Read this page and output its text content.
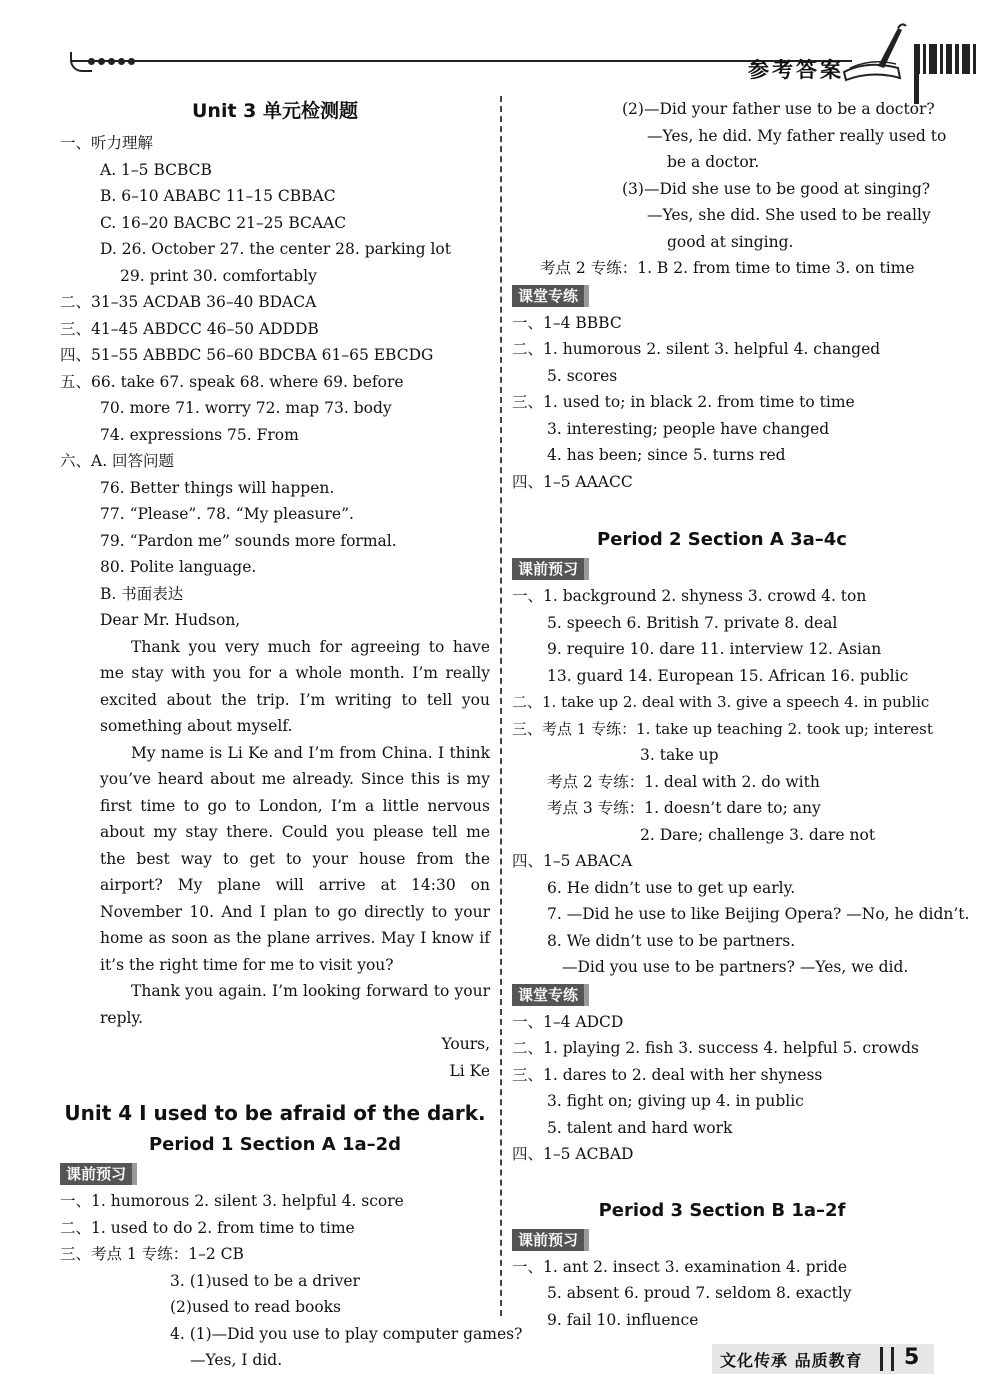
参考答案
Unit 3 单元检测题
一、听力理解
A. 1–5 BCBCB
B. 6–10 ABABC 11–15 CBBAC
C. 16–20 BACBC 21–25 BCAAC
D. 26. October 27. the center 28. parking lot
29. print 30. comfortably
二、31–35 ACDAB 36–40 BDACA
三、41–45 ABDCC 46–50 ADDDB
四、51–55 ABBDC 56–60 BDCBA 61–65 EBCDG
五、66. take 67. speak 68. where 69. before
70. more 71. worry 72. map 73. body
74. expressions 75. From
六、A. 回答问题
76. Better things will happen.
77. “Please”. 78. “My pleasure”.
79. “Pardon me” sounds more formal.
80. Polite language.
B. 书面表达
Dear Mr. Hudson,
Thank you very much for agreeing to have me stay with you for a whole month. I’m really excited about the trip. I’m writing to tell you something about myself.
My name is Li Ke and I’m from China. I think you’ve heard about me already. Since this is my first time to go to London, I’m a little nervous about my stay there. Could you please tell me the best way to get to your house from the airport? My plane will arrive at 14:30 on November 10. And I plan to go directly to your home as soon as the plane arrives. May I know if it’s the right time for me to visit you?
Thank you again. I’m looking forward to your reply.
Yours,
Li Ke
Unit 4 I used to be afraid of the dark.
Period 1 Section A 1a–2d
课前预习
一、1. humorous 2. silent 3. helpful 4. score
二、1. used to do 2. from time to time
三、考点 1 专练：1–2 CB
3. (1)used to be a driver
(2)used to read books
4. (1)—Did you use to play computer games?
—Yes, I did.
(2)—Did your father use to be a doctor?
—Yes, he did. My father really used to
be a doctor.
(3)—Did she use to be good at singing?
—Yes, she did. She used to be really
good at singing.
考点 2 专练：1. B 2. from time to time 3. on time
课堂专练
一、1–4 BBBC
二、1. humorous 2. silent 3. helpful 4. changed
5. scores
三、1. used to; in black 2. from time to time
3. interesting; people have changed
4. has been; since 5. turns red
四、1–5 AAACC
Period 2 Section A 3a–4c
课前预习
一、1. background 2. shyness 3. crowd 4. ton
5. speech 6. British 7. private 8. deal
9. require 10. dare 11. interview 12. Asian
13. guard 14. European 15. African 16. public
二、1. take up 2. deal with 3. give a speech 4. in public
三、考点 1 专练：1. take up teaching 2. took up; interest
3. take up
考点 2 专练：1. deal with 2. do with
考点 3 专练：1. doesn’t dare to; any
2. Dare; challenge 3. dare not
四、1–5 ABACA
6. He didn’t use to get up early.
7. —Did he use to like Beijing Opera? —No, he didn’t.
8. We didn’t use to be partners.
—Did you use to be partners? —Yes, we did.
课堂专练
一、1–4 ADCD
二、1. playing 2. fish 3. success 4. helpful 5. crowds
三、1. dares to 2. deal with her shyness
3. fight on; giving up 4. in public
5. talent and hard work
四、1–5 ACBAD
Period 3 Section B 1a–2f
课前预习
一、1. ant 2. insect 3. examination 4. pride
5. absent 6. proud 7. seldom 8. exactly
9. fail 10. influence
文化传承 品质教育 5
